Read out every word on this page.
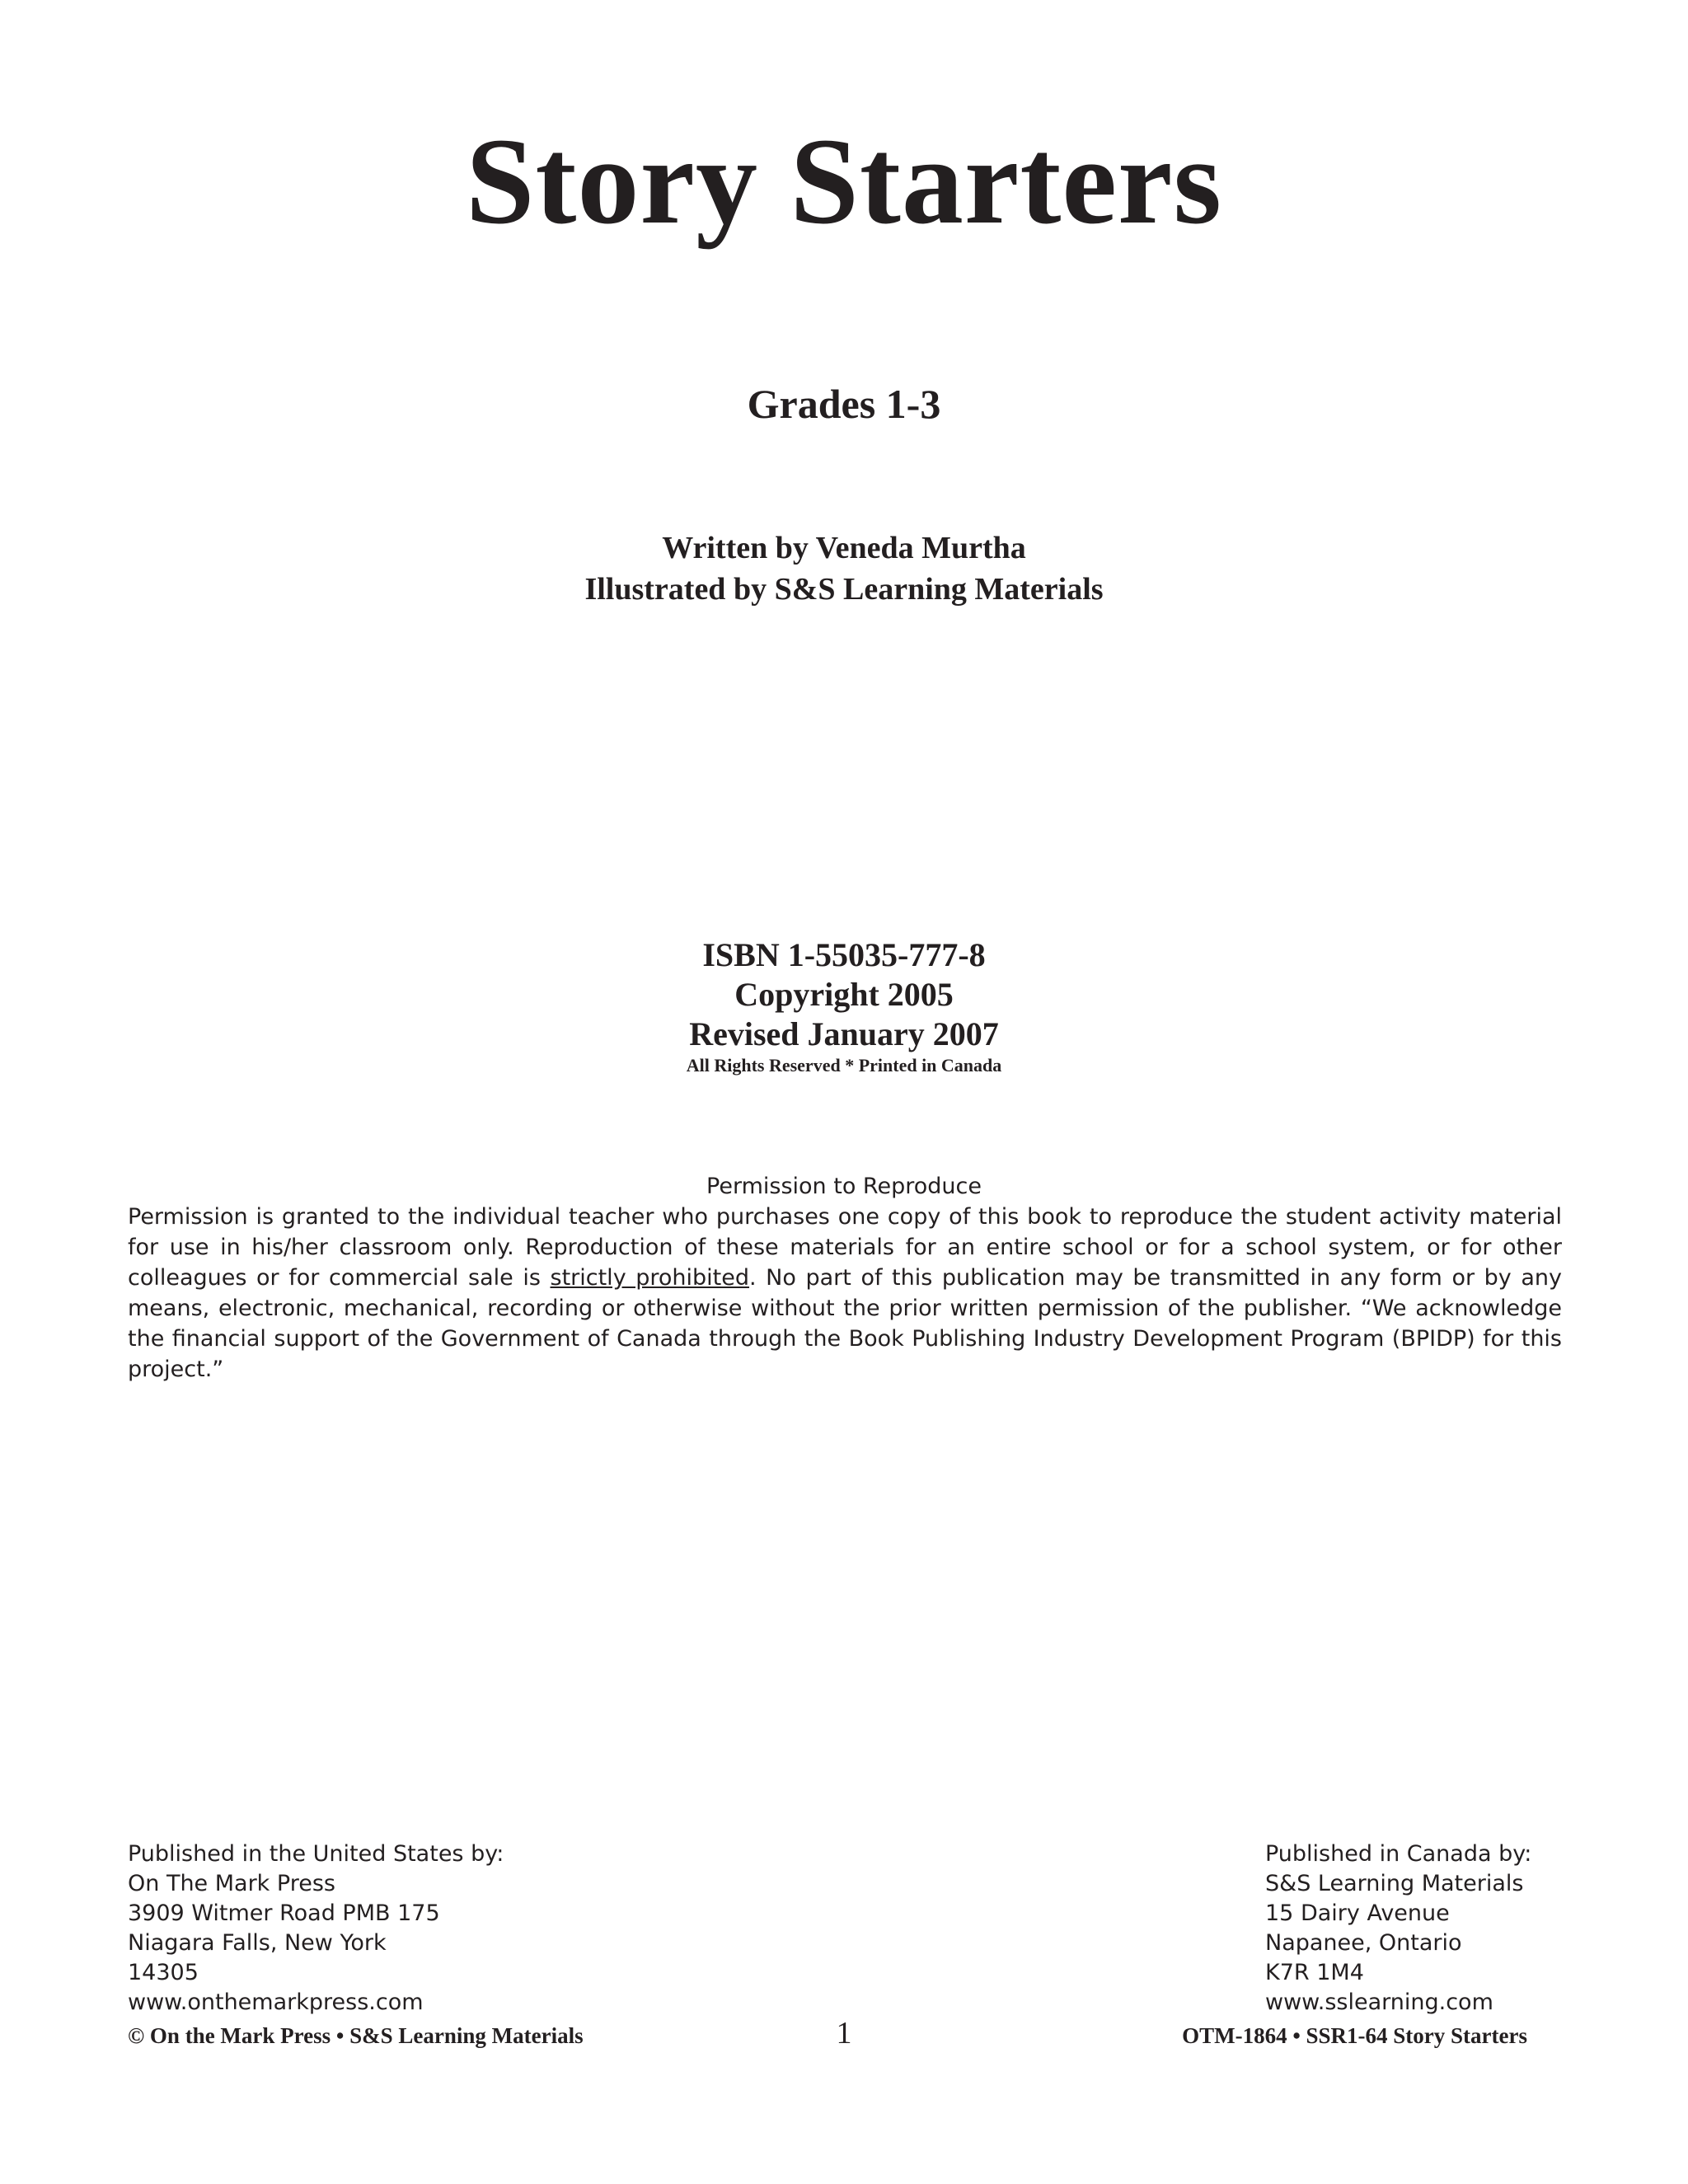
Story Starters
Grades 1-3
Written by Veneda Murtha
Illustrated by S&S Learning Materials
ISBN 1-55035-777-8
Copyright 2005
Revised January 2007
All Rights Reserved * Printed in Canada
Permission to Reproduce
Permission is granted to the individual teacher who purchases one copy of this book to reproduce the student activity material for use in his/her classroom only. Reproduction of these materials for an entire school or for a school system, or for other colleagues or for commercial sale is strictly prohibited. No part of this publication may be transmitted in any form or by any means, electronic, mechanical, recording or otherwise without the prior written permission of the publisher. “We acknowledge the financial support of the Government of Canada through the Book Publishing Industry Development Program (BPIDP) for this project.”
Published in the United States by:
On The Mark Press
3909 Witmer Road PMB 175
Niagara Falls, New York
14305
www.onthemarkpress.com
Published in Canada by:
S&S Learning Materials
15 Dairy Avenue
Napanee, Ontario
K7R 1M4
www.sslearning.com
© On the Mark Press • S&S Learning Materials	1	OTM-1864 • SSR1-64 Story Starters
